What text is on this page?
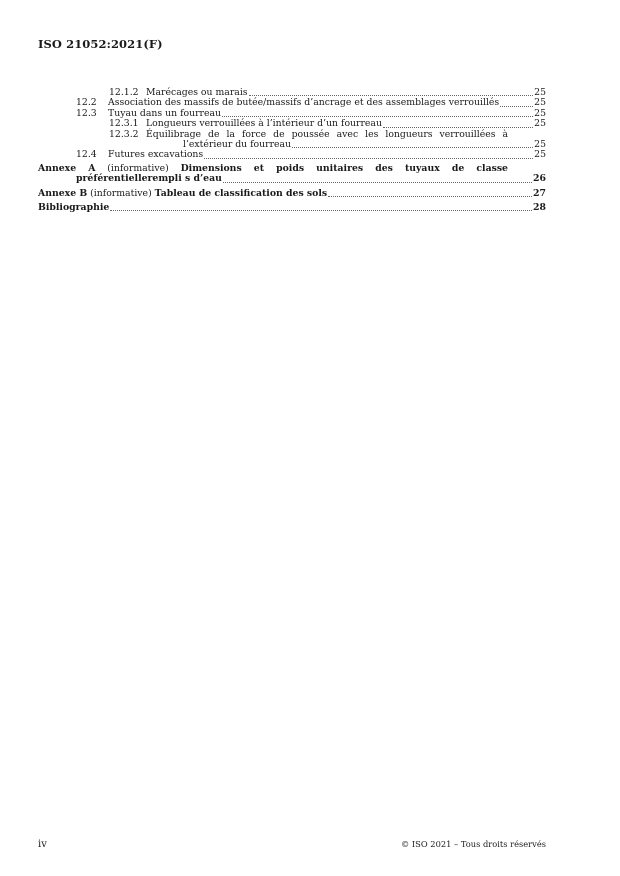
ISO 21052:2021(F)
12.1.2 Marécages ou marais	25
12.2	Association des massifs de butée/massifs d’ancrage et des assemblages verrouillés	25
12.3	Tuyau dans un fourreau	25
12.3.1 Longueurs verrouillées à l’intérieur d’un fourreau	25
12.3.2 Équilibrage de la force de poussée avec les longueurs verrouillées à
l’extérieur du fourreau	25
12.4	Futures excavations	25
Annexe A (informative) Dimensions et poids unitaires des tuyaux de classe
préférentiellerempli s d’eau	26
Annexe B (informative) Tableau de classification des sols	27
Bibliographie	28
iv	© ISO 2021 – Tous droits réservés
